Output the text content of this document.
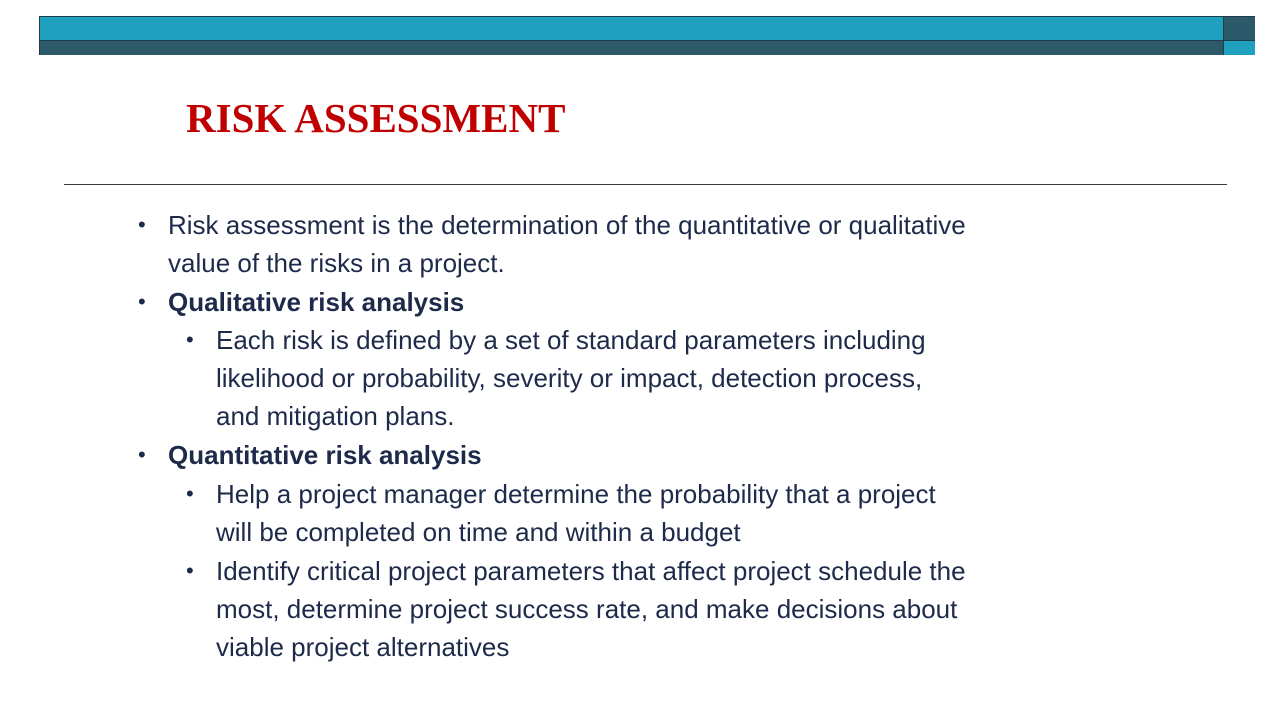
RISK ASSESSMENT
• Risk assessment is the determination of the quantitative or qualitative
value of the risks in a project.
• Qualitative risk analysis
• Each risk is defined by a set of standard parameters including
likelihood or probability, severity or impact, detection process,
and mitigation plans.
• Quantitative risk analysis
• Help a project manager determine the probability that a project
will be completed on time and within a budget
• Identify critical project parameters that affect project schedule the
most, determine project success rate, and make decisions about
viable project alternatives
